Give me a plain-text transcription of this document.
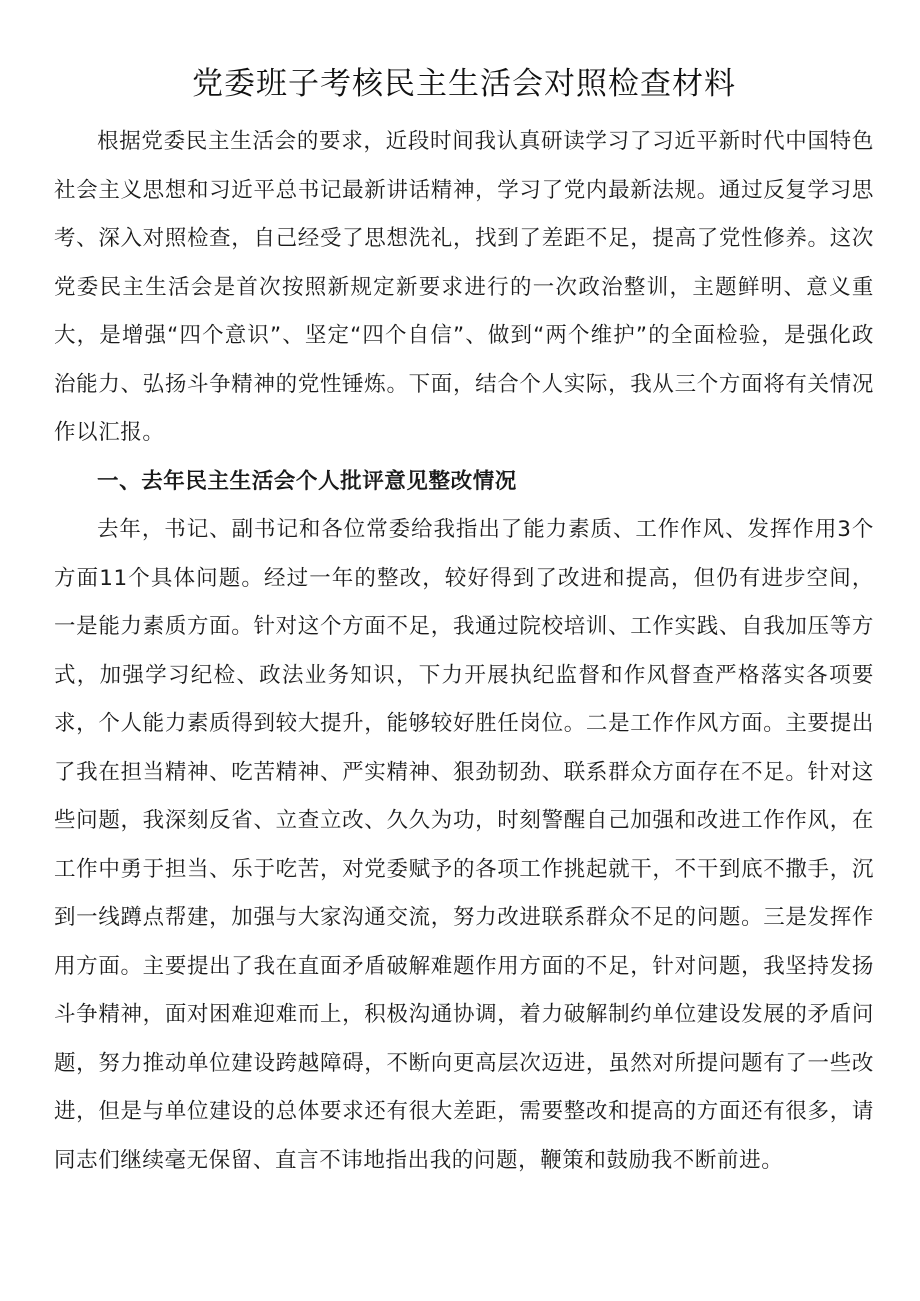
党委班子考核民主生活会对照检查材料

根据党委民主生活会的要求，近段时间我认真研读学习了习近平新时代中国特色社会主义思想和习近平总书记最新讲话精神，学习了党内最新法规。通过反复学习思考、深入对照检查，自己经受了思想洗礼，找到了差距不足，提高了党性修养。这次党委民主生活会是首次按照新规定新要求进行的一次政治整训，主题鲜明、意义重大，是增强“四个意识”、坚定“四个自信”、做到“两个维护”的全面检验，是强化政治能力、弘扬斗争精神的党性锤炼。下面，结合个人实际，我从三个方面将有关情况作以汇报。

一、去年民主生活会个人批评意见整改情况

去年，书记、副书记和各位常委给我指出了能力素质、工作作风、发挥作用3个方面11个具体问题。经过一年的整改，较好得到了改进和提高，但仍有进步空间，一是能力素质方面。针对这个方面不足，我通过院校培训、工作实践、自我加压等方式，加强学习纪检、政法业务知识，下力开展执纪监督和作风督查严格落实各项要求，个人能力素质得到较大提升，能够较好胜任岗位。二是工作作风方面。主要提出了我在担当精神、吃苦精神、严实精神、狠劲韧劲、联系群众方面存在不足。针对这些问题，我深刻反省、立查立改、久久为功，时刻警醒自己加强和改进工作作风，在工作中勇于担当、乐于吃苦，对党委赋予的各项工作挑起就干，不干到底不撒手，沉到一线蹲点帮建，加强与大家沟通交流，努力改进联系群众不足的问题。三是发挥作用方面。主要提出了我在直面矛盾破解难题作用方面的不足，针对问题，我坚持发扬斗争精神，面对困难迎难而上，积极沟通协调，着力破解制约单位建设发展的矛盾问题，努力推动单位建设跨越障碍，不断向更高层次迈进，虽然对所提问题有了一些改进，但是与单位建设的总体要求还有很大差距，需要整改和提高的方面还有很多，请同志们继续毫无保留、直言不讳地指出我的问题，鞭策和鼓励我不断前进。
